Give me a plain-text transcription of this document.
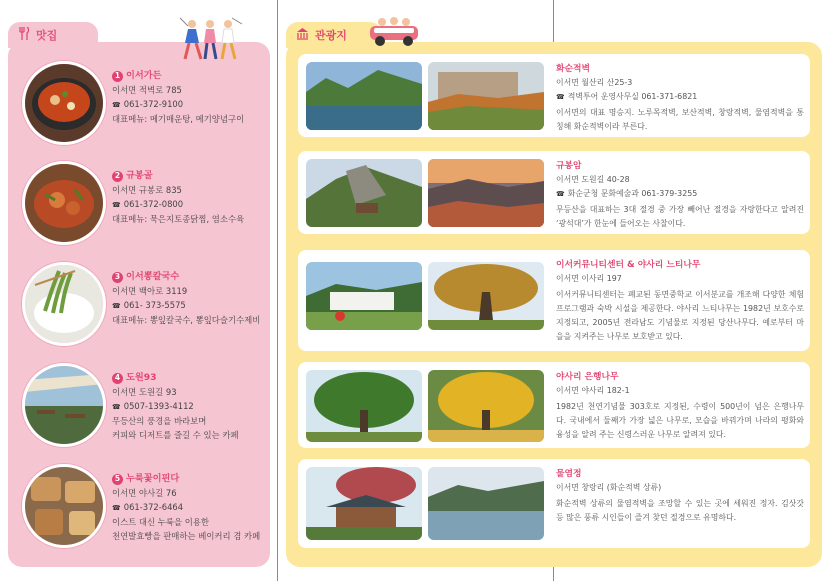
맛집
1 이서가든
이서면 적벽로 785
☎ 061-372-9100
대표메뉴: 메기매운탕, 메기양념구이
2 규봉골
이서면 규봉로 835
☎ 061-372-0800
대표메뉴: 묵은지토종닭찜, 염소수육
3 이서뽕칼국수
이서면 백아로 3119
☎ 061- 373-5575
대표메뉴: 뽕잎칼국수, 뽕잎다슬기수제비
4 도원93
이서면 도원길 93
☎ 0507-1393-4112
무등산의 풍경을 바라보며
커피와 디저트를 즐길 수 있는 카페
5 누룩꽃이핀다
이서면 야사길 76
☎ 061-372-6464
이스트 대신 누룩을 이용한
천연발효빵을 판매하는 베이커리 겸 카페
관광지
화순적벽
이서면 월산리 산25-3
☎ 적벽투어 운영사무실 061-371-6821
이서면의 대표 명승지. 노루목적벽, 보산적벽, 창랑적벽, 물염적벽을 통칭해 화순적벽이라 부른다.
규봉암
이서면 도원길 40-28
☎ 화순군청 문화예술과 061-379-3255
무등산을 대표하는 3대 절경 중 가장 빼어난 절경을 자랑한다고 알려진 ‘광석대’가 한눈에 들어오는 사찰이다.
이서커뮤니티센터 & 야사리 느티나무
이서면 이사리 197
이서커뮤니티센터는 폐교된 동면중학교 이서분교를 개조해 다양한 체험 프로그램과 숙박 시설을 제공한다. 야사리 느티나무는 1982년 보호수로 지정되고, 2005년 전라남도 기념물로 지정된 당산나무다. 예로부터 마을을 지켜주는 나무로 보호받고 있다.
야사리 은행나무
이서면 야사리 182-1
1982년 천연기념물 303호로 지정된, 수령이 500년이 넘은 은행나무다. 국내에서 둘째가 가장 넓은 나무로, 모습을 바꿔가며 나라의 평화와 융성을 알려 주는 신령스러운 나무로 알려져 있다.
물염정
이서면 창랑리 (화순적벽 상류)
화순적벽 상류의 물염적벽을 조망할 수 있는 곳에 세워진 정자. 김삿갓 등 많은 풍류 시인들이 즐겨 찾던 절경으로 유명하다.
